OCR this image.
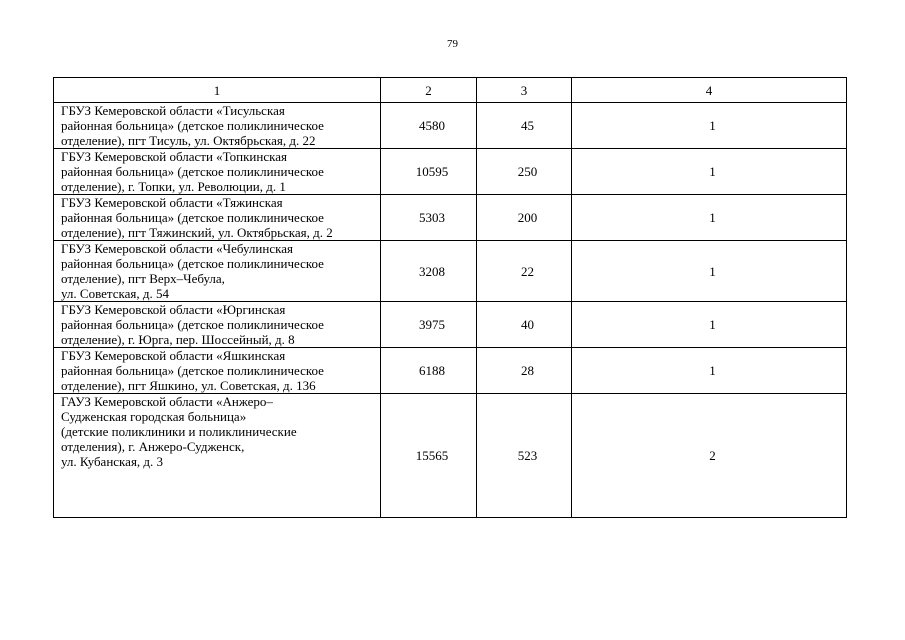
79
1	2	3	4
ГБУЗ Кемеровской области «Тисульская
районная больница» (детское поликлиническое
отделение), пгт Тисуль, ул. Октябрьская, д. 22	4580	45	1
ГБУЗ Кемеровской области «Топкинская
районная больница» (детское поликлиническое
отделение), г. Топки, ул. Революции, д. 1	10595	250	1
ГБУЗ Кемеровской области «Тяжинская
районная больница» (детское поликлиническое
отделение), пгт Тяжинский, ул. Октябрьская, д. 2	5303	200	1
ГБУЗ Кемеровской области «Чебулинская
районная больница» (детское поликлиническое
отделение), пгт Верх–Чебула,
ул. Советская, д. 54	3208	22	1
ГБУЗ Кемеровской области «Юргинская
районная больница» (детское поликлиническое
отделение), г. Юрга, пер. Шоссейный, д. 8	3975	40	1
ГБУЗ Кемеровской области «Яшкинская
районная больница» (детское поликлиническое
отделение), пгт Яшкино, ул. Советская, д. 136	6188	28	1
ГАУЗ Кемеровской области «Анжеро–
Судженская городская больница»
(детские поликлиники и поликлинические
отделения), г. Анжеро-Судженск,
ул. Кубанская, д. 3	15565	523	2
